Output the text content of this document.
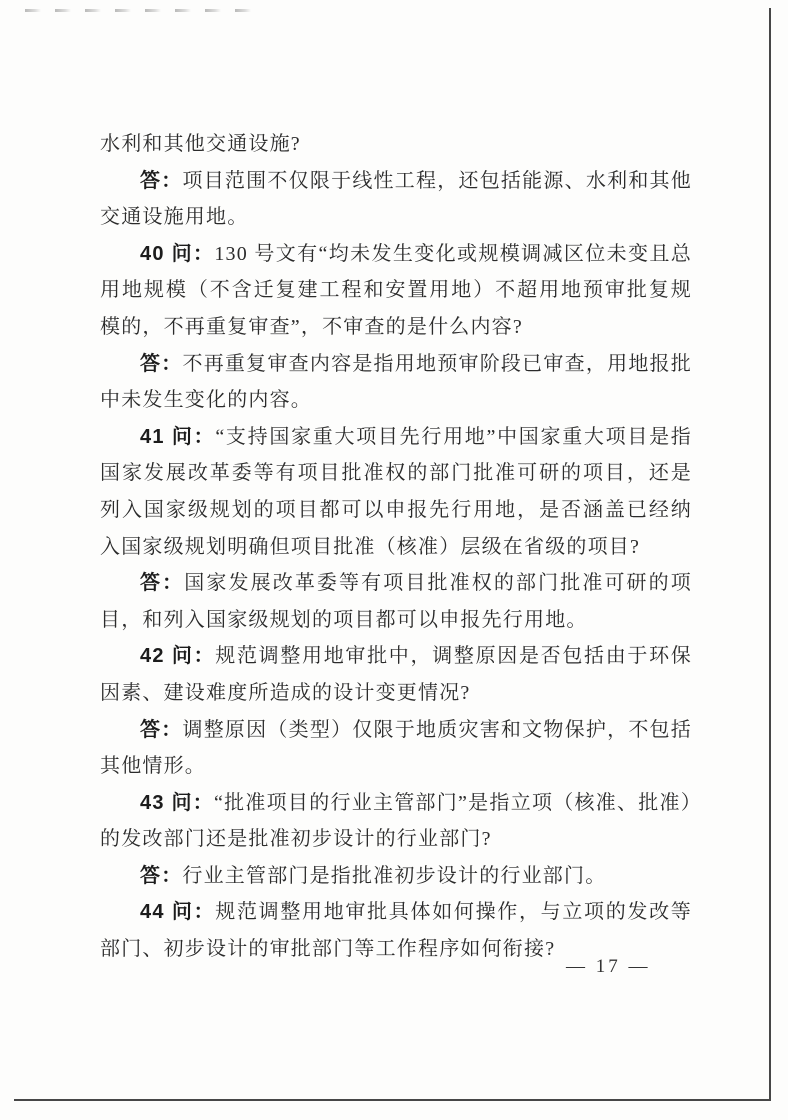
水利和其他交通设施?

答：项目范围不仅限于线性工程，还包括能源、水利和其他交通设施用地。

40 问：130 号文有“均未发生变化或规模调减区位未变且总用地规模（不含迁复建工程和安置用地）不超用地预审批复规模的，不再重复审查”，不审查的是什么内容?

答：不再重复审查内容是指用地预审阶段已审查，用地报批中未发生变化的内容。

41 问：“支持国家重大项目先行用地”中国家重大项目是指国家发展改革委等有项目批准权的部门批准可研的项目，还是列入国家级规划的项目都可以申报先行用地，是否涵盖已经纳入国家级规划明确但项目批准（核准）层级在省级的项目?

答：国家发展改革委等有项目批准权的部门批准可研的项目，和列入国家级规划的项目都可以申报先行用地。

42 问：规范调整用地审批中，调整原因是否包括由于环保因素、建设难度所造成的设计变更情况?

答：调整原因（类型）仅限于地质灾害和文物保护，不包括其他情形。

43 问：“批准项目的行业主管部门”是指立项（核准、批准）的发改部门还是批准初步设计的行业部门?

答：行业主管部门是指批准初步设计的行业部门。

44 问：规范调整用地审批具体如何操作，与立项的发改等部门、初步设计的审批部门等工作程序如何衔接?

— 17 —
